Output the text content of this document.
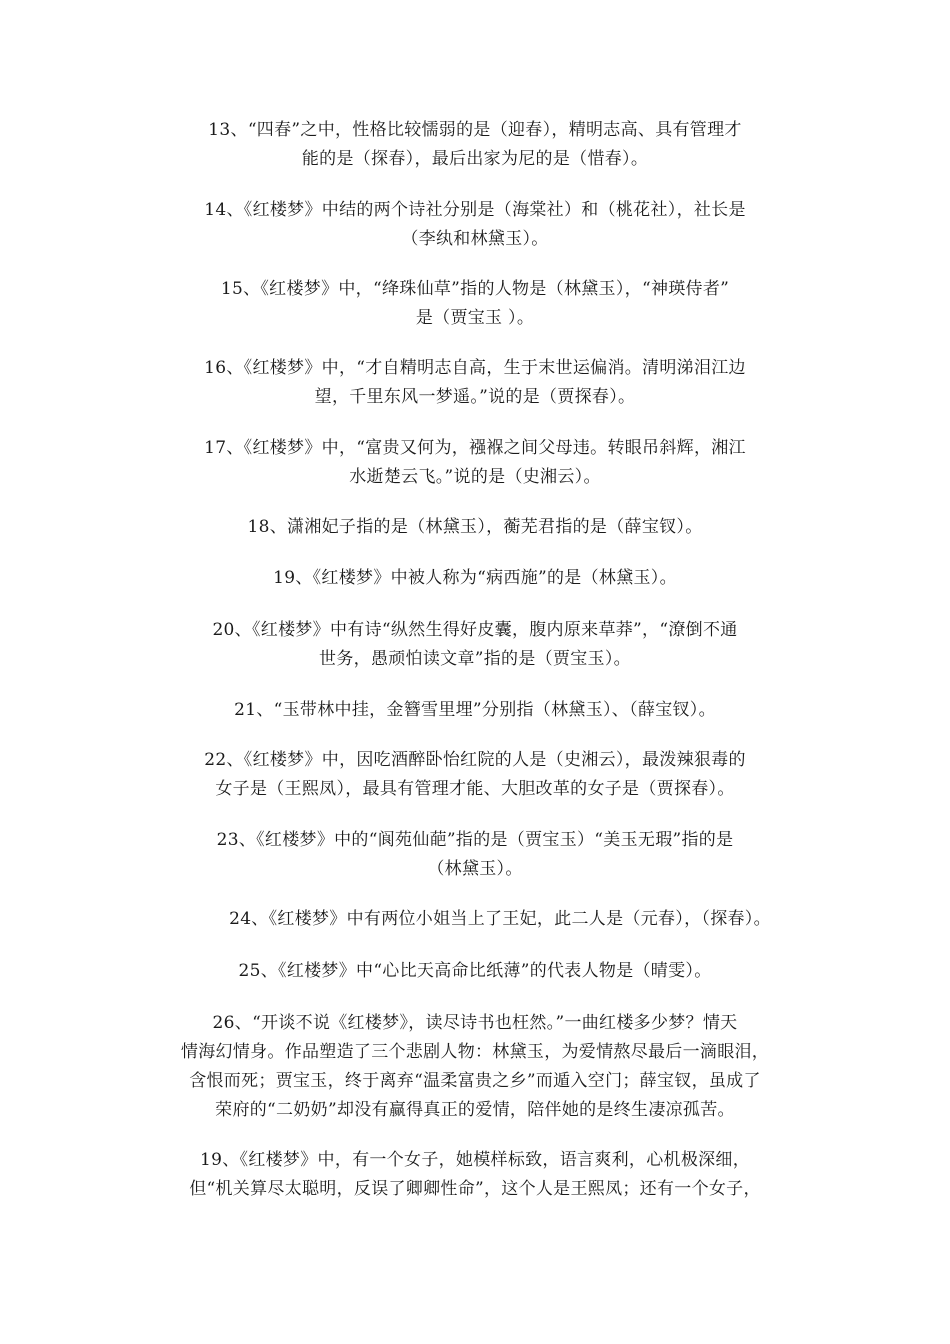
13、“四春”之中，性格比较懦弱的是（迎春），精明志高、具有管理才
能的是（探春），最后出家为尼的是（惜春）。
14、《红楼梦》中结的两个诗社分别是（海棠社）和（桃花社），社长是
（李纨和林黛玉）。
15、《红楼梦》中，“绛珠仙草”指的人物是（林黛玉），“神瑛侍者”
是（贾宝玉 ）。
16、《红楼梦》中，“才自精明志自高，生于末世运偏消。清明涕泪江边
望，千里东风一梦遥。”说的是（贾探春）。
17、《红楼梦》中，“富贵又何为，襁褓之间父母违。转眼吊斜辉，湘江
水逝楚云飞。”说的是（史湘云）。
18、潇湘妃子指的是（林黛玉），蘅芜君指的是（薛宝钗）。
19、《红楼梦》中被人称为“病西施”的是（林黛玉）。
20、《红楼梦》中有诗“纵然生得好皮囊，腹内原来草莽”，“潦倒不通
世务，愚顽怕读文章”指的是（贾宝玉）。
21、“玉带林中挂，金簪雪里埋”分别指（林黛玉）、（薛宝钗）。
22、《红楼梦》中，因吃酒醉卧怡红院的人是（史湘云），最泼辣狠毒的
女子是（王熙凤），最具有管理才能、大胆改革的女子是（贾探春）。
23、《红楼梦》中的“阆苑仙葩”指的是（贾宝玉）“美玉无瑕”指的是
（林黛玉）。
24、《红楼梦》中有两位小姐当上了王妃，此二人是（元春），（探春）。
25、《红楼梦》中“心比天高命比纸薄”的代表人物是（晴雯）。
26、“开谈不说《红楼梦》，读尽诗书也枉然。”一曲红楼多少梦？情天
情海幻情身。作品塑造了三个悲剧人物：林黛玉，为爱情熬尽最后一滴眼泪，
含恨而死；贾宝玉，终于离弃“温柔富贵之乡”而遁入空门；薛宝钗，虽成了
荣府的“二奶奶”却没有赢得真正的爱情，陪伴她的是终生凄凉孤苦。
19、《红楼梦》中，有一个女子，她模样标致，语言爽利，心机极深细，
但“机关算尽太聪明，反误了卿卿性命”，这个人是王熙凤；还有一个女子，
